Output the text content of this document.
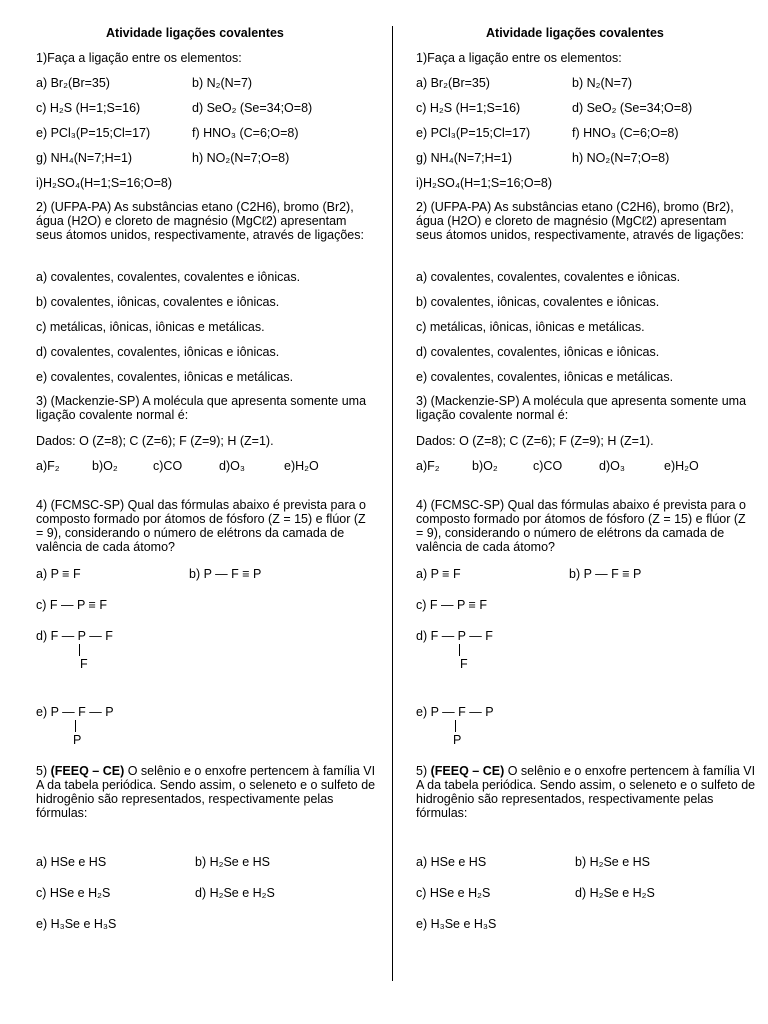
Atividade ligações covalentes
1)Faça a ligação entre os elementos:
a) Br₂(Br=35)	b) N₂(N=7)
c) H₂S (H=1;S=16)	d) SeO₂ (Se=34;O=8)
e) PCl₃(P=15;Cl=17)	f) HNO₃ (C=6;O=8)
g) NH₄(N=7;H=1)	h) NO₂(N=7;O=8)
i)H₂SO₄(H=1;S=16;O=8)
2) (UFPA-PA) As substâncias etano (C2H6), bromo (Br2), água (H2O) e cloreto de magnésio (MgCℓ2) apresentam seus átomos unidos, respectivamente, através de ligações:
a) covalentes, covalentes, covalentes e iônicas.
b) covalentes, iônicas, covalentes e iônicas.
c) metálicas, iônicas, iônicas e metálicas.
d) covalentes, covalentes, iônicas e iônicas.
e) covalentes, covalentes, iônicas e metálicas.
3) (Mackenzie-SP) A molécula que apresenta somente uma ligação covalente normal é:
Dados: O (Z=8); C (Z=6); F (Z=9); H (Z=1).
a)F₂	b)O₂	c)CO	d)O₃	e)H₂O
4) (FCMSC-SP) Qual das fórmulas abaixo é prevista para o composto formado por átomos de fósforo (Z = 15) e flúor (Z = 9), considerando o número de elétrons da camada de valência de cada átomo?
a) P ≡ F	b) P — F ≡ P
c) F — P ≡ F
d) F — P — F
F
e) P — F — P
P
5) (FEEQ – CE) O selênio e o enxofre pertencem à família VI A da tabela periódica. Sendo assim, o seleneto e o sulfeto de hidrogênio são representados, respectivamente pelas fórmulas:
a) HSe e HS	b) H₂Se e HS
c) HSe e H₂S	d) H₂Se e H₂S
e) H₃Se e H₃S
Atividade ligações covalentes
1)Faça a ligação entre os elementos:
a) Br₂(Br=35)	b) N₂(N=7)
c) H₂S (H=1;S=16)	d) SeO₂ (Se=34;O=8)
e) PCl₃(P=15;Cl=17)	f) HNO₃ (C=6;O=8)
g) NH₄(N=7;H=1)	h) NO₂(N=7;O=8)
i)H₂SO₄(H=1;S=16;O=8)
2) (UFPA-PA) As substâncias etano (C2H6), bromo (Br2), água (H2O) e cloreto de magnésio (MgCℓ2) apresentam seus átomos unidos, respectivamente, através de ligações:
a) covalentes, covalentes, covalentes e iônicas.
b) covalentes, iônicas, covalentes e iônicas.
c) metálicas, iônicas, iônicas e metálicas.
d) covalentes, covalentes, iônicas e iônicas.
e) covalentes, covalentes, iônicas e metálicas.
3) (Mackenzie-SP) A molécula que apresenta somente uma ligação covalente normal é:
Dados: O (Z=8); C (Z=6); F (Z=9); H (Z=1).
a)F₂	b)O₂	c)CO	d)O₃	e)H₂O
4) (FCMSC-SP) Qual das fórmulas abaixo é prevista para o composto formado por átomos de fósforo (Z = 15) e flúor (Z = 9), considerando o número de elétrons da camada de valência de cada átomo?
a) P ≡ F	b) P — F ≡ P
c) F — P ≡ F
d) F — P — F
F
e) P — F — P
P
5) (FEEQ – CE) O selênio e o enxofre pertencem à família VI A da tabela periódica. Sendo assim, o seleneto e o sulfeto de hidrogênio são representados, respectivamente pelas fórmulas:
a) HSe e HS	b) H₂Se e HS
c) HSe e H₂S	d) H₂Se e H₂S
e) H₃Se e H₃S
